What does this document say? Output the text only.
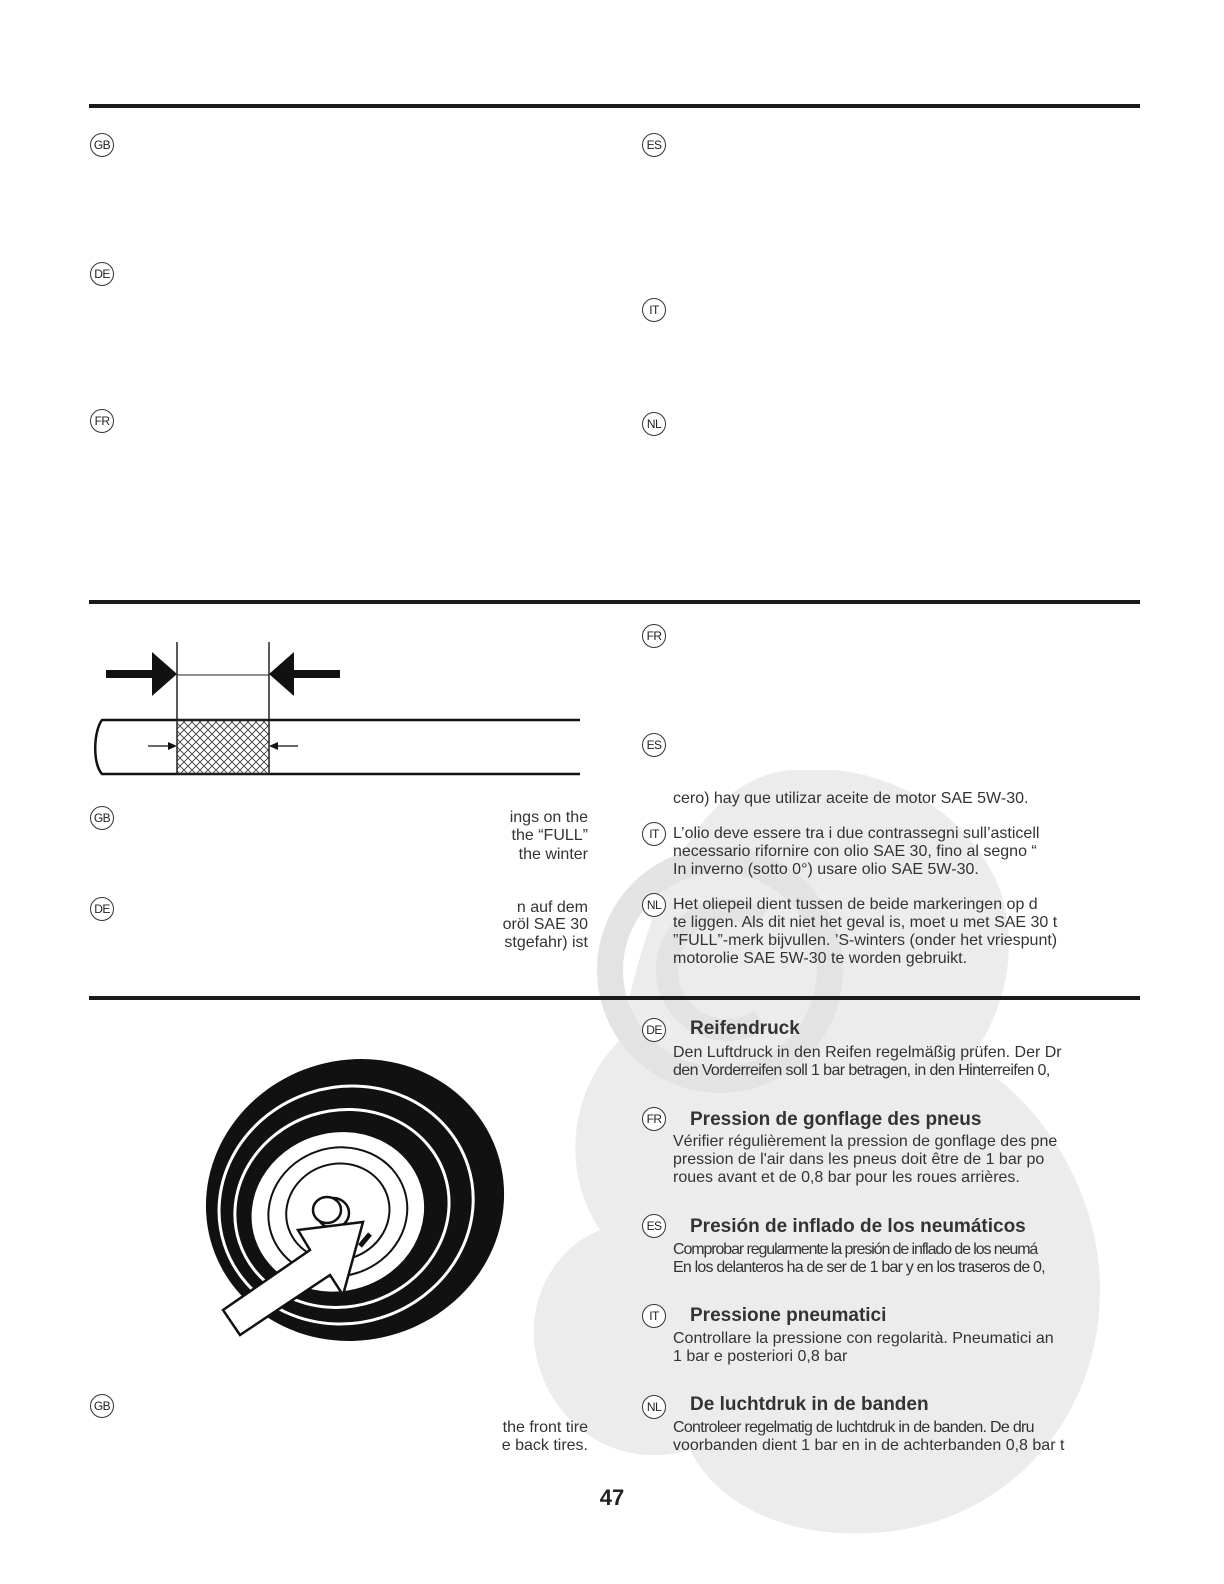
GB
DE
FR
ES
IT
NL
GB	ings on the
the “FULL”
the winter
DE	n auf dem
oröl SAE 30
stgefahr) ist
FR
ES
cero) hay que utilizar aceite de motor SAE 5W-30.
IT L’olio deve essere tra i due contrassegni sull’asticell
necessario rifornire con olio SAE 30, fino al segno “
In inverno (sotto 0°) usare olio SAE 5W-30.
NL Het oliepeil dient tussen de beide markeringen op d
te liggen. Als dit niet het geval is, moet u met SAE 30 t
”FULL”-merk bijvullen. ’S-winters (onder het vriespunt)
motorolie SAE 5W-30 te worden gebruikt.
GB
the front tire
e back tires.
DE Reifendruck
Den Luftdruck in den Reifen regelmäßig prüfen. Der Dr
den Vorderreifen soll 1 bar betragen, in den Hinterreifen 0,
FR Pression de gonflage des pneus
Vérifier régulièrement la pression de gonflage des pne
pression de l'air dans les pneus doit être de 1 bar po
roues avant et de 0,8 bar pour les roues arrières.
ES Presión de inflado de los neumáticos
Comprobar regularmente la presión de inflado de los neumá
En los delanteros ha de ser de 1 bar y en los traseros de 0,
IT	Pressione pneumatici
Controllare la pressione con regolarità. Pneumatici an
1 bar e posteriori 0,8 bar
NL De luchtdruk in de banden
Controleer regelmatig de luchtdruk in de banden. De dru
voorbanden dient 1 bar en in de achterbanden 0,8 bar t
47
